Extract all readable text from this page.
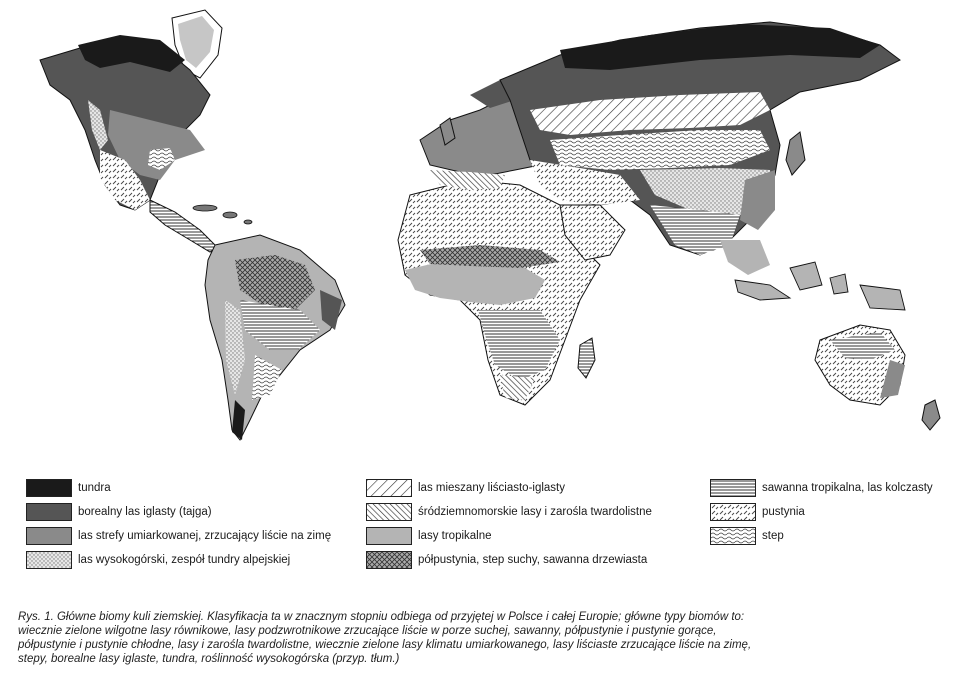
tundra
borealny las iglasty (tajga)
las strefy umiarkowanej, zrzucający liście na zimę
las wysokogórski, zespół tundry alpejskiej
las mieszany liściasto-iglasty
śródziemnomorskie lasy i zarośla twardolistne
lasy tropikalne
półpustynia, step suchy, sawanna drzewiasta
sawanna tropikalna, las kolczasty
pustynia
step
Rys. 1. Główne biomy kuli ziemskiej. Klasyfikacja ta w znacznym stopniu odbiega od przyjętej w Polsce i całej Europie; główne typy biomów to:
wiecznie zielone wilgotne lasy równikowe, lasy podzwrotnikowe zrzucające liście w porze suchej, sawanny, półpustynie i pustynie gorące,
półpustynie i pustynie chłodne, lasy i zarośla twardolistne, wiecznie zielone lasy klimatu umiarkowanego, lasy liściaste zrzucające liście na zimę,
stepy, borealne lasy iglaste, tundra, roślinność wysokogórska (przyp. tłum.)
